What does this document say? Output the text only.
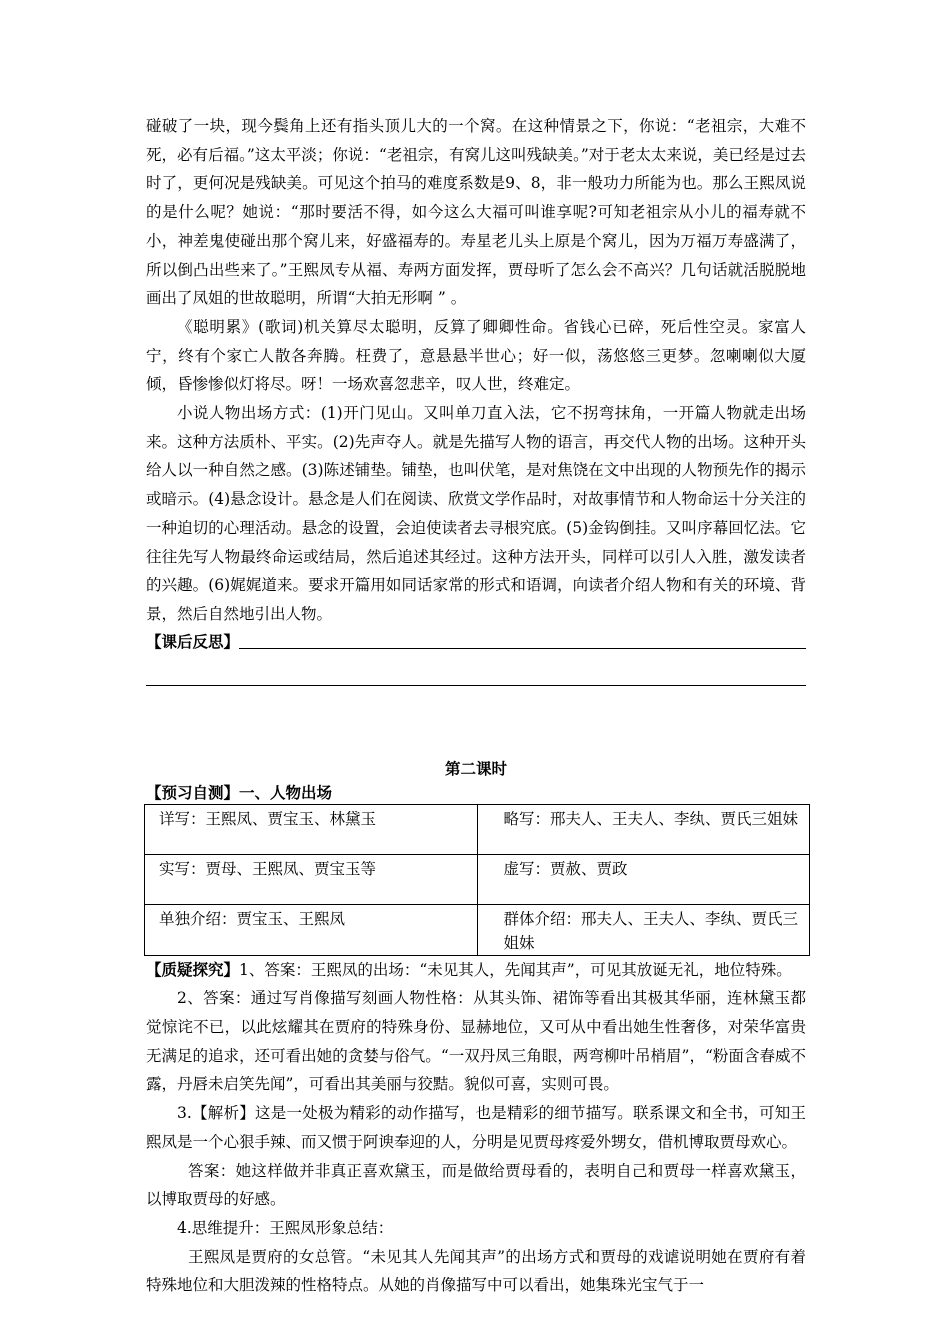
碰破了一块，现今鬓角上还有指头顶儿大的一个窝。在这种情景之下，你说：“老祖宗，大难不死，必有后福。”这太平淡；你说：“老祖宗，有窝儿这叫残缺美。”对于老太太来说，美已经是过去时了，更何况是残缺美。可见这个拍马的难度系数是9、8，非一般功力所能为也。那么王熙凤说的是什么呢？她说：“那时要活不得，如今这么大福可叫谁享呢?可知老祖宗从小儿的福寿就不小，神差鬼使碰出那个窝儿来，好盛福寿的。寿星老儿头上原是个窝儿，因为万福万寿盛满了，所以倒凸出些来了。”王熙凤专从福、寿两方面发挥，贾母听了怎么会不高兴？几句话就活脱脱地画出了凤姐的世故聪明，所谓“大拍无形啊 ” 。

《聪明累》(歌词)机关算尽太聪明，反算了卿卿性命。省钱心已碎，死后性空灵。家富人宁，终有个家亡人散各奔腾。枉费了，意悬悬半世心；好一似，荡悠悠三更梦。忽喇喇似大厦倾，昏惨惨似灯将尽。呀！一场欢喜忽悲辛，叹人世，终难定。

小说人物出场方式：(1)开门见山。又叫单刀直入法，它不拐弯抹角，一开篇人物就走出场来。这种方法质朴、平实。(2)先声夺人。就是先描写人物的语言，再交代人物的出场。这种开头给人以一种自然之感。(3)陈述铺垫。铺垫，也叫伏笔，是对焦饶在文中出现的人物预先作的揭示或暗示。(4)悬念设计。悬念是人们在阅读、欣赏文学作品时，对故事情节和人物命运十分关注的一种迫切的心理活动。悬念的设置，会迫使读者去寻根究底。(5)金钩倒挂。又叫序幕回忆法。它往往先写人物最终命运或结局，然后追述其经过。这种方法开头，同样可以引人入胜，激发读者的兴趣。(6)娓娓道来。要求开篇用如同话家常的形式和语调，向读者介绍人物和有关的环境、背景，然后自然地引出人物。

【课后反思】
第二课时
【预习自测】一、人物出场
详写：王熙凤、贾宝玉、林黛玉	略写：邢夫人、王夫人、李纨、贾氏三姐妹
实写：贾母、王熙凤、贾宝玉等	虚写：贾赦、贾政
单独介绍：贾宝玉、王熙凤	群体介绍：邢夫人、王夫人、李纨、贾氏三姐妹

【质疑探究】1、答案：王熙凤的出场：“未见其人，先闻其声”，可见其放诞无礼，地位特殊。

2、答案：通过写肖像描写刻画人物性格：从其头饰、裙饰等看出其极其华丽，连林黛玉都觉惊诧不已，以此炫耀其在贾府的特殊身份、显赫地位，又可从中看出她生性奢侈，对荣华富贵无满足的追求，还可看出她的贪婪与俗气。“一双丹凤三角眼，两弯柳叶吊梢眉”，“粉面含春威不露，丹唇未启笑先闻”，可看出其美丽与狡黠。貌似可喜，实则可畏。

3.【解析】这是一处极为精彩的动作描写，也是精彩的细节描写。联系课文和全书，可知王熙凤是一个心狠手辣、而又惯于阿谀奉迎的人，分明是见贾母疼爱外甥女，借机博取贾母欢心。

答案：她这样做并非真正喜欢黛玉，而是做给贾母看的，表明自己和贾母一样喜欢黛玉，以博取贾母的好感。

4.思维提升：王熙凤形象总结：

王熙凤是贾府的女总管。“未见其人先闻其声”的出场方式和贾母的戏谑说明她在贾府有着特殊地位和大胆泼辣的性格特点。从她的肖像描写中可以看出，她集珠光宝气于一
